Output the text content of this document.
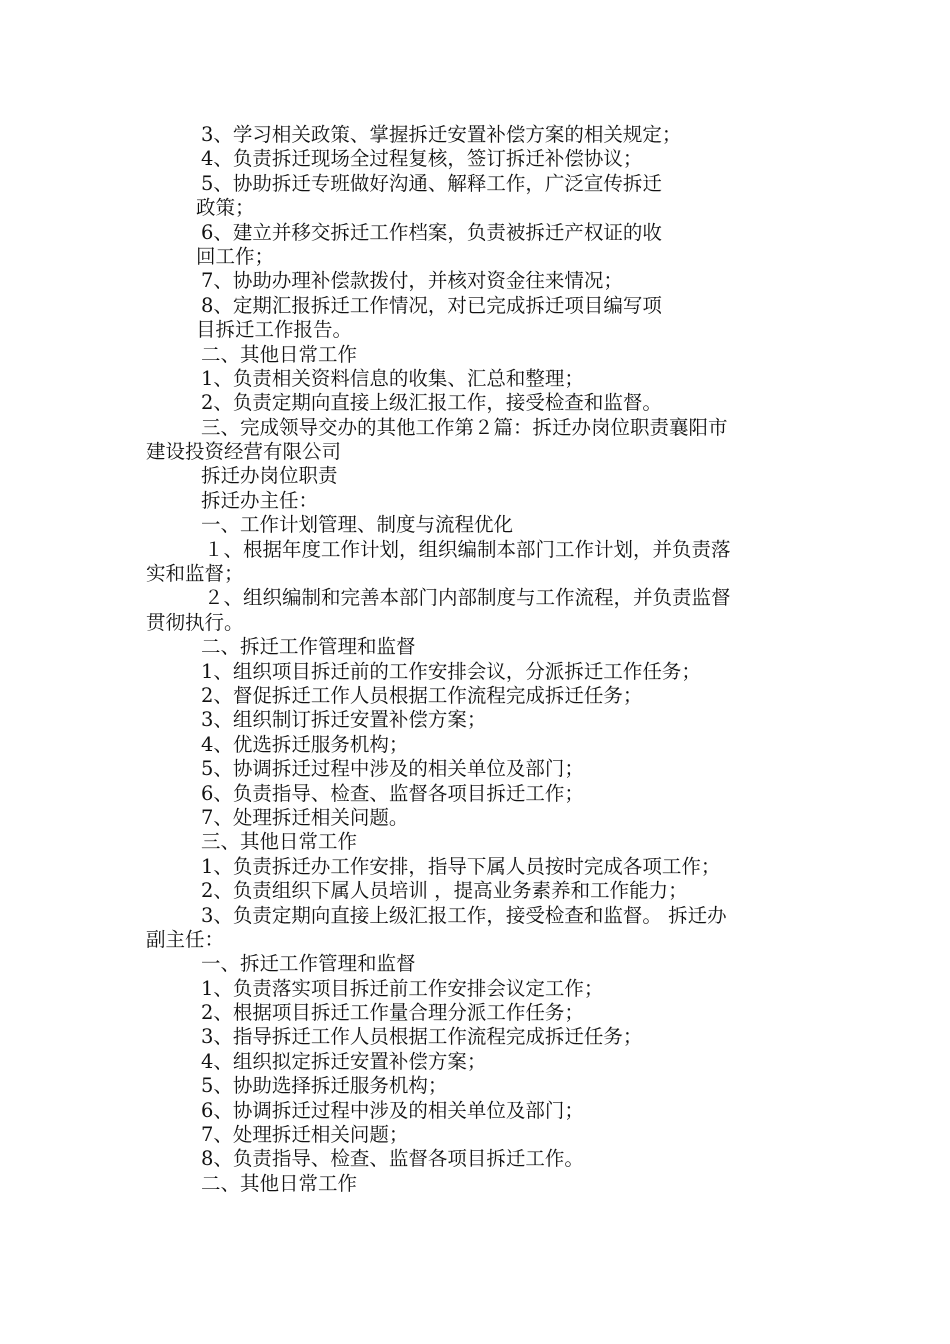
3、学习相关政策、掌握拆迁安置补偿方案的相关规定；
4、负责拆迁现场全过程复核，签订拆迁补偿协议；
5、协助拆迁专班做好沟通、解释工作，广泛宣传拆迁
政策；
6、建立并移交拆迁工作档案，负责被拆迁产权证的收
回工作；
7、协助办理补偿款拨付，并核对资金往来情况；
8、定期汇报拆迁工作情况，对已完成拆迁项目编写项
目拆迁工作报告。
二、其他日常工作
1、负责相关资料信息的收集、汇总和整理；
2、负责定期向直接上级汇报工作，接受检查和监督。
三、完成领导交办的其他工作第２篇：拆迁办岗位职责襄阳市
建设投资经营有限公司
拆迁办岗位职责
拆迁办主任：
一、工作计划管理、制度与流程优化
１、根据年度工作计划，组织编制本部门工作计划，并负责落
实和监督；
２、组织编制和完善本部门内部制度与工作流程，并负责监督
贯彻执行。
二、拆迁工作管理和监督
1、组织项目拆迁前的工作安排会议，分派拆迁工作任务；
2、督促拆迁工作人员根据工作流程完成拆迁任务；
3、组织制订拆迁安置补偿方案；
4、优选拆迁服务机构；
5、协调拆迁过程中涉及的相关单位及部门；
6、负责指导、检查、监督各项目拆迁工作；
7、处理拆迁相关问题。
三、其他日常工作
1、负责拆迁办工作安排，指导下属人员按时完成各项工作；
2、负责组织下属人员培训 ，提高业务素养和工作能力；
3、负责定期向直接上级汇报工作，接受检查和监督。 拆迁办
副主任：
一、拆迁工作管理和监督
1、负责落实项目拆迁前工作安排会议定工作；
2、根据项目拆迁工作量合理分派工作任务；
3、指导拆迁工作人员根据工作流程完成拆迁任务；
4、组织拟定拆迁安置补偿方案；
5、协助选择拆迁服务机构；
6、协调拆迁过程中涉及的相关单位及部门；
7、处理拆迁相关问题；
8、负责指导、检查、监督各项目拆迁工作。
二、其他日常工作
